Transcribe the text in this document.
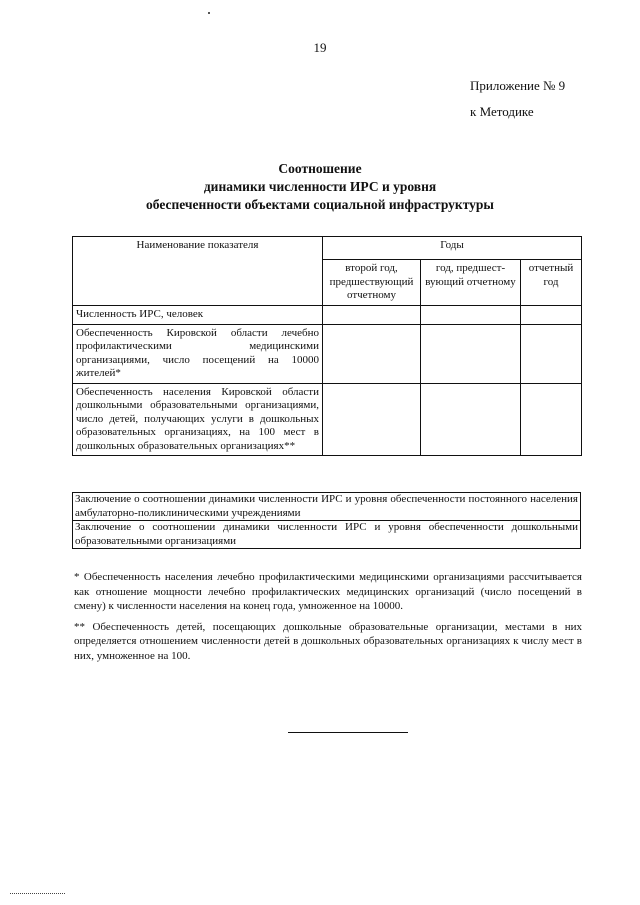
19
Приложение № 9
к Методике
Соотношение
динамики численности ИРС и уровня
обеспеченности объектами социальной инфраструктуры
Наименование показателя	Годы		
	второй год, предшествующий отчетному	год, предшест-вующий отчетному	отчетный год
Численность ИРС, человек			
Обеспеченность Кировской области лечебно профилактическими медицинскими организациями, число посещений на 10000 жителей*			
Обеспеченность населения Кировской области дошкольными образовательными организациями, число детей, получающих услуги в дошкольных образовательных организациях, на 100 мест в дошкольных образовательных организациях**			
Заключение о соотношении динамики численности ИРС и уровня обеспеченности постоянного населения амбулаторно-поликлиническими учреждениями
Заключение о соотношении динамики численности ИРС и уровня обеспеченности дошкольными образовательными организациями

* Обеспеченность населения лечебно профилактическими медицинскими организациями рассчитывается как отношение мощности лечебно профилактических медицинских организаций (число посещений в смену) к численности населения на конец года, умноженное на 10000.

** Обеспеченность детей, посещающих дошкольные образовательные организации, местами в них определяется отношением численности детей в дошкольных образовательных организациях к числу мест в них, умноженное на 100.
